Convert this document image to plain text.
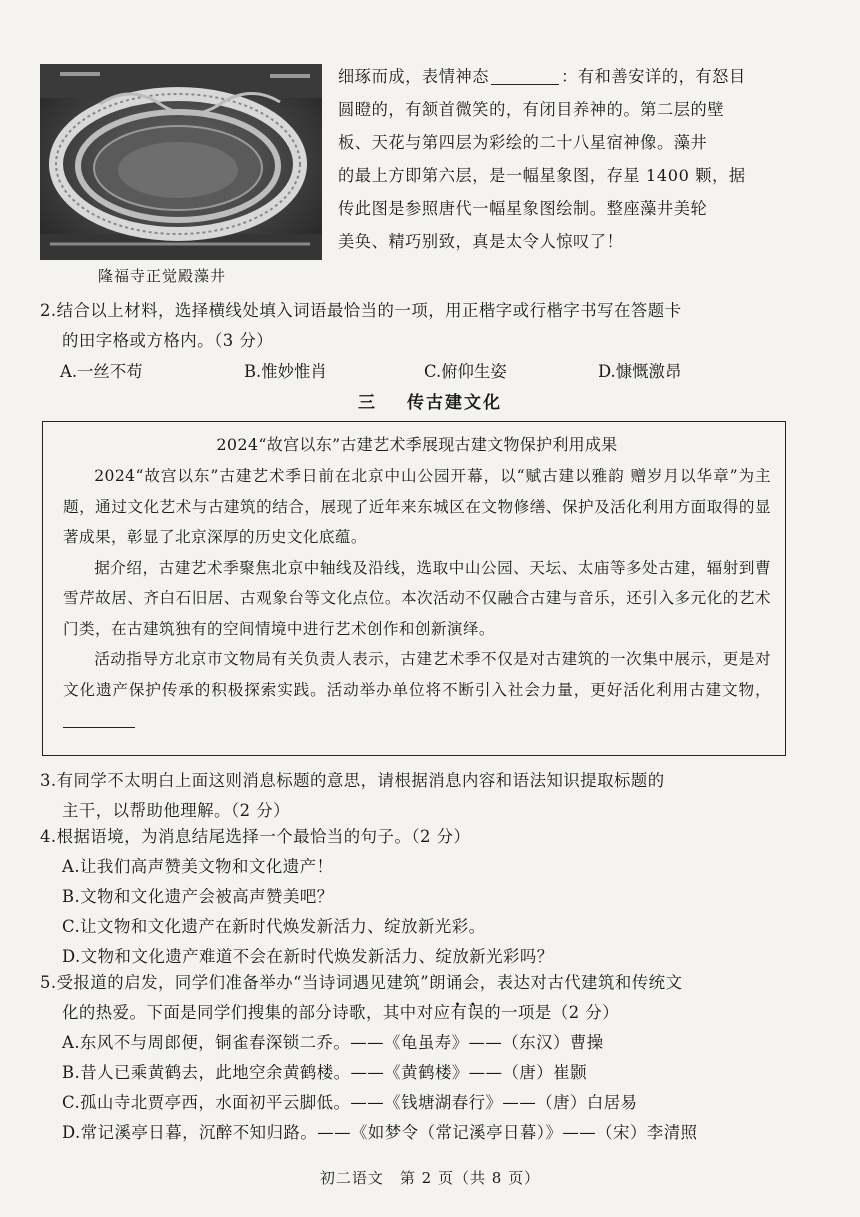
隆福寺正觉殿藻井
细琢而成，表情神态	：有和善安详的，有怒目
圆瞪的，有颔首微笑的，有闭目养神的。第二层的壁
板、天花与第四层为彩绘的二十八星宿神像。藻井
的最上方即第六层，是一幅星象图，存星 1400 颗，据
传此图是参照唐代一幅星象图绘制。整座藻井美轮
美奂、精巧别致，真是太令人惊叹了！
2.结合以上材料，选择横线处填入词语最恰当的一项，用正楷字或行楷字书写在答题卡
的田字格或方格内。（3 分）
A.一丝不苟	B.惟妙惟肖	C.俯仰生姿	D.慷慨激昂
三 传古建文化
2024“故宫以东”古建艺术季展现古建文物保护利用成果

2024“故宫以东”古建艺术季日前在北京中山公园开幕，以“赋古建以雅韵 赠岁月以华章”为主题，通过文化艺术与古建筑的结合，展现了近年来东城区在文物修缮、保护及活化利用方面取得的显著成果，彰显了北京深厚的历史文化底蕴。

据介绍，古建艺术季聚焦北京中轴线及沿线，选取中山公园、天坛、太庙等多处古建，辐射到曹雪芹故居、齐白石旧居、古观象台等文化点位。本次活动不仅融合古建与音乐，还引入多元化的艺术门类，在古建筑独有的空间情境中进行艺术创作和创新演绎。

活动指导方北京市文物局有关负责人表示，古建艺术季不仅是对古建筑的一次集中展示，更是对文化遗产保护传承的积极探索实践。活动举办单位将不断引入社会力量，更好活化利用古建文物，

3.有同学不太明白上面这则消息标题的意思，请根据消息内容和语法知识提取标题的
主干，以帮助他理解。（2 分）
4.根据语境，为消息结尾选择一个最恰当的句子。（2 分）
A.让我们高声赞美文物和文化遗产！
B.文物和文化遗产会被高声赞美吧？
C.让文物和文化遗产在新时代焕发新活力、绽放新光彩。
D.文物和文化遗产难道不会在新时代焕发新活力、绽放新光彩吗？
5.受报道的启发，同学们准备举办“当诗词遇见建筑”朗诵会，表达对古代建筑和传统文
化的热爱。下面是同学们搜集的部分诗歌，其中对应•   • 有误的一项是（2 分）
A.东风不与周郎便，铜雀春深锁二乔。——《龟虽寿》——（东汉）曹操
B.昔人已乘黄鹤去，此地空余黄鹤楼。——《黄鹤楼》——（唐）崔颢
C.孤山寺北贾亭西，水面初平云脚低。——《钱塘湖春行》——（唐）白居易
D.常记溪亭日暮，沉醉不知归路。——《如梦令（常记溪亭日暮）》——（宋）李清照
初二语文　第 2 页（共 8 页）
